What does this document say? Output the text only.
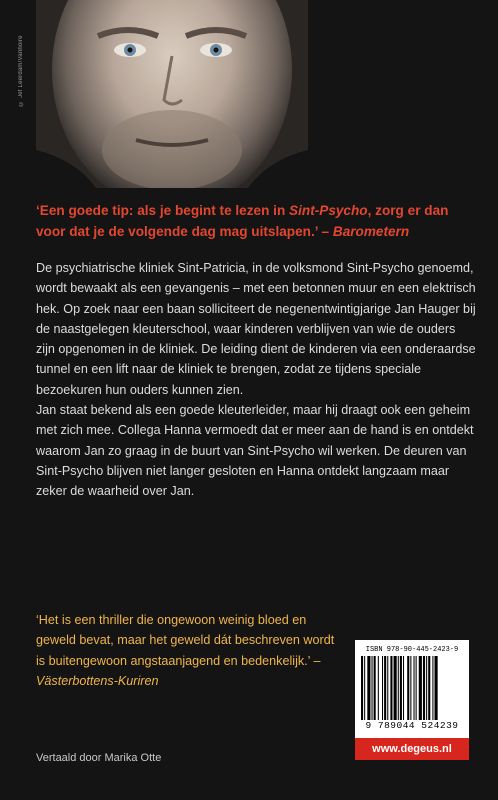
© Jef Leerdam/Vanhoire
‘Een goede tip: als je begint te lezen in Sint-Psycho, zorg er dan voor dat je de volgende dag mag uitslapen.’ – Barometern

De psychiatrische kliniek Sint-Patricia, in de volksmond Sint-Psycho genoemd, wordt bewaakt als een gevangenis – met een betonnen muur en een elektrisch hek. Op zoek naar een baan solliciteert de negenentwintigjarige Jan Hauger bij de naastgelegen kleuterschool, waar kinderen verblijven van wie de ouders zijn opgenomen in de kliniek. De leiding dient de kinderen via een onderaardse tunnel en een lift naar de kliniek te brengen, zodat ze tijdens speciale bezoekuren hun ouders kunnen zien.

Jan staat bekend als een goede kleuterleider, maar hij draagt ook een geheim met zich mee. Collega Hanna vermoedt dat er meer aan de hand is en ontdekt waarom Jan zo graag in de buurt van Sint-Psycho wil werken. De deuren van Sint-Psycho blijven niet langer gesloten en Hanna ontdekt langzaam maar zeker de waarheid over Jan.

‘Het is een thriller die ongewoon weinig bloed en geweld bevat, maar het geweld dát beschreven wordt is buitengewoon angstaanjagend en bedenkelijk.’ – Västerbottens-Kuriren
Vertaald door Marika Otte
ISBN 978-90-445-2423-9
9 789044 524239
www.degeus.nl
